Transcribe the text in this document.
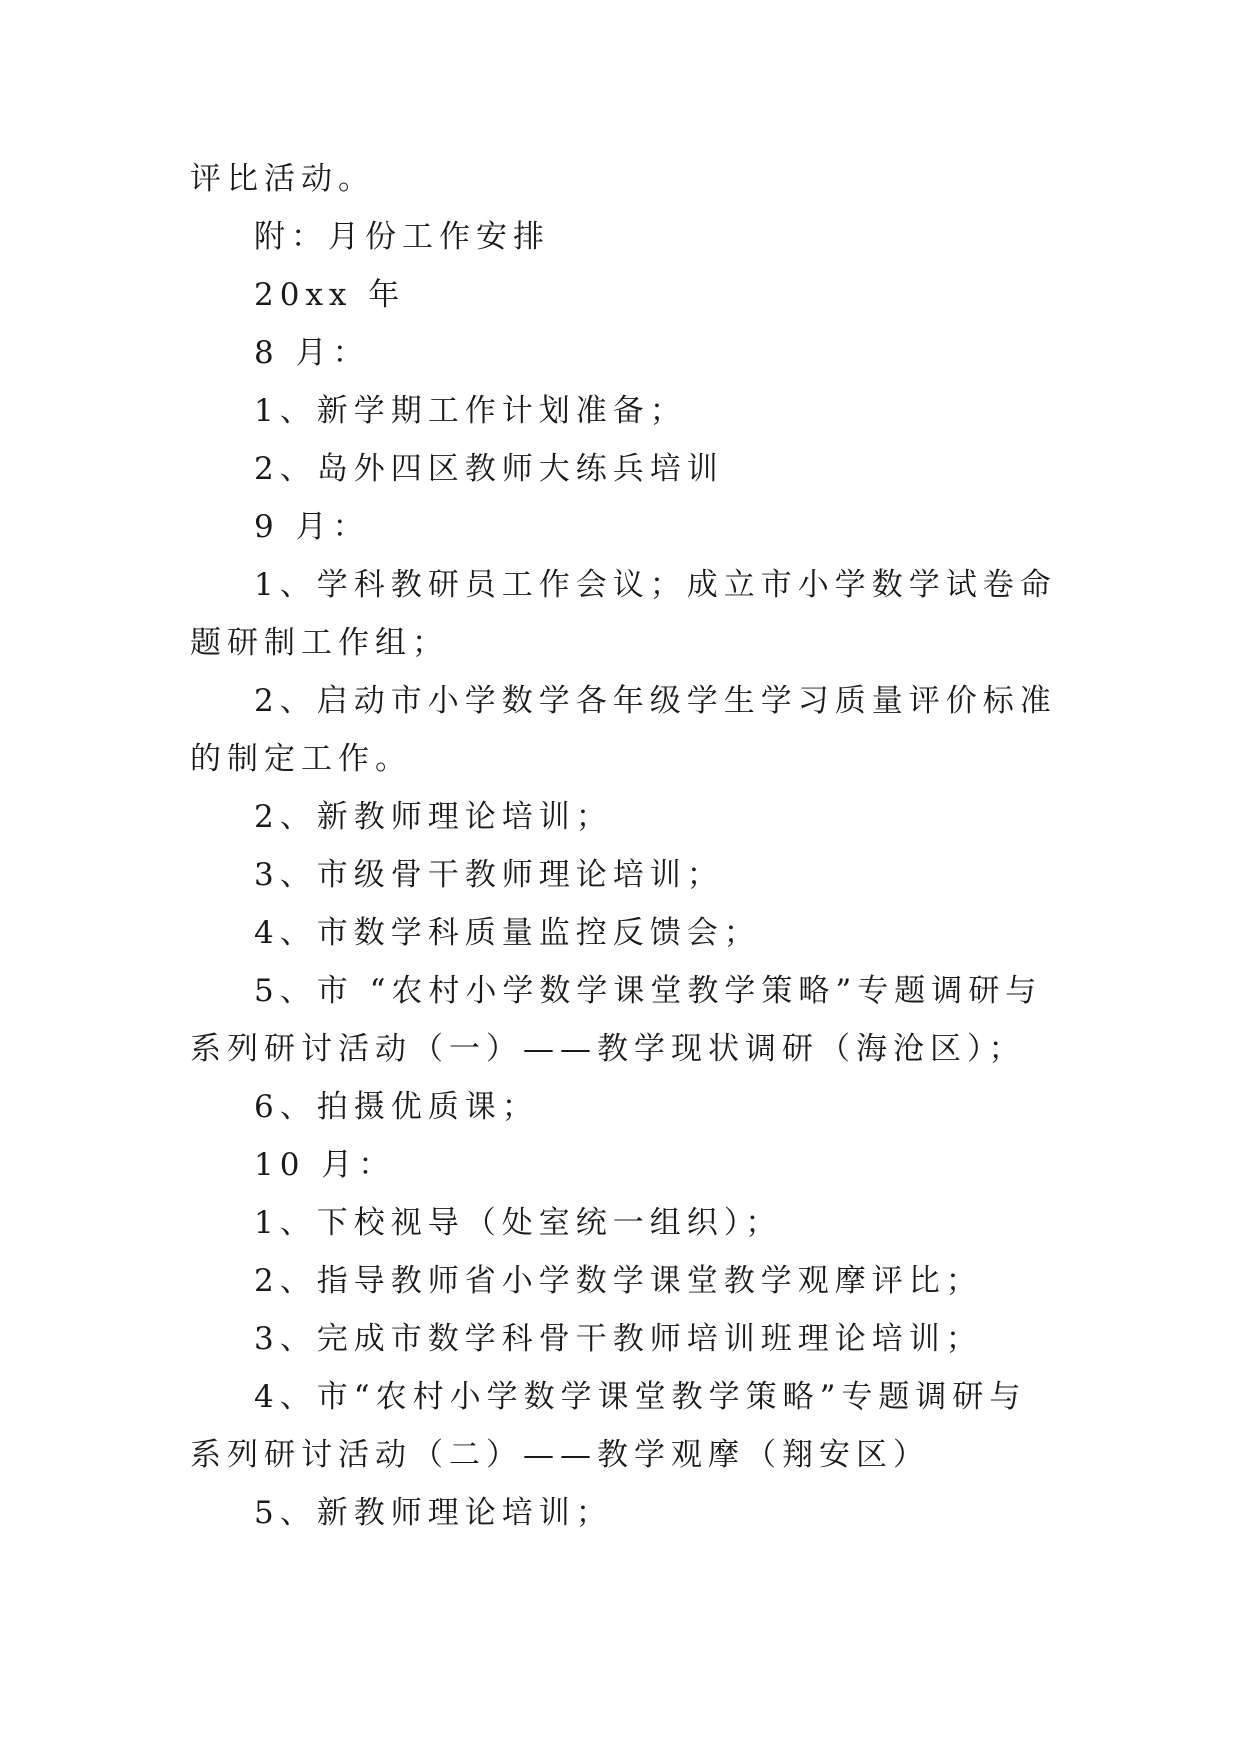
评比活动。

附：月份工作安排

20xx 年

8 月：

1、新学期工作计划准备；

2、岛外四区教师大练兵培训

9 月：

1、学科教研员工作会议；成立市小学数学试卷命题研制工作组；

2、启动市小学数学各年级学生学习质量评价标准的制定工作。

2、新教师理论培训；

3、市级骨干教师理论培训；

4、市数学科质量监控反馈会；

5、市 “农村小学数学课堂教学策略”专题调研与系列研讨活动（一）——教学现状调研（海沧区）；

6、拍摄优质课；

10 月：

1、下校视导（处室统一组织）；

2、指导教师省小学数学课堂教学观摩评比；

3、完成市数学科骨干教师培训班理论培训；

4、市“农村小学数学课堂教学策略”专题调研与系列研讨活动（二）——教学观摩（翔安区）

5、新教师理论培训；
